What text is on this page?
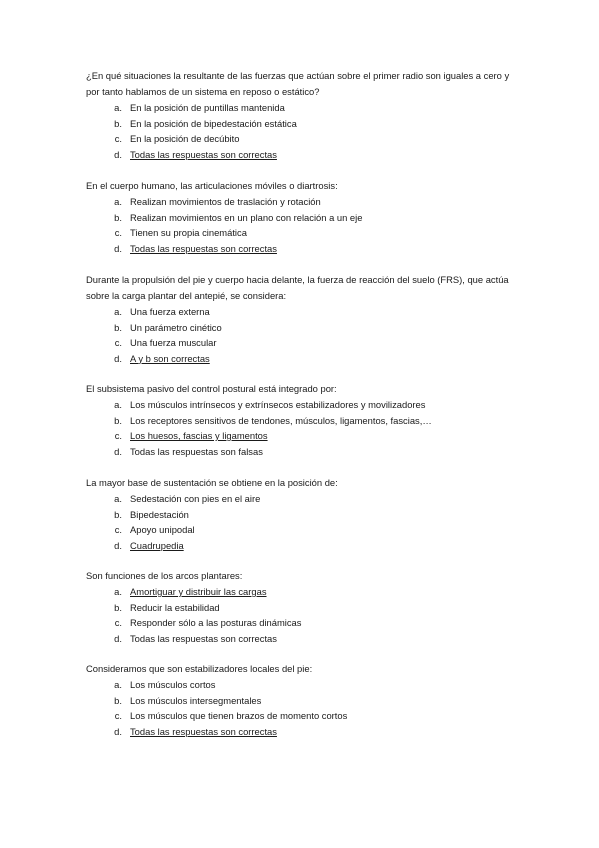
¿En qué situaciones la resultante de las fuerzas que actúan sobre el primer radio son iguales a cero y por tanto hablamos de un sistema en reposo o estático?

a. En la posición de puntillas mantenida
b. En la posición de bipedestación estática
c. En la posición de decúbito
d. Todas las respuestas son correctas

En el cuerpo humano, las articulaciones móviles o diartrosis:

a. Realizan movimientos de traslación y rotación
b. Realizan movimientos en un plano con relación a un eje
c. Tienen su propia cinemática
d. Todas las respuestas son correctas

Durante la propulsión del pie y cuerpo hacia delante, la fuerza de reacción del suelo (FRS), que actúa sobre la carga plantar del antepié, se considera:

a. Una fuerza externa
b. Un parámetro cinético
c. Una fuerza muscular
d. A y b son correctas

El subsistema pasivo del control postural está integrado por:

a. Los músculos intrínsecos y extrínsecos estabilizadores y movilizadores
b. Los receptores sensitivos de tendones, músculos, ligamentos, fascias,…
c. Los huesos, fascias y ligamentos
d. Todas las respuestas son falsas

La mayor base de sustentación se obtiene en la posición de:

a. Sedestación con pies en el aire
b. Bipedestación
c. Apoyo unipodal
d. Cuadrupedia

Son funciones de los arcos plantares:

a. Amortiguar y distribuir las cargas
b. Reducir la estabilidad
c. Responder sólo a las posturas dinámicas
d. Todas las respuestas son correctas

Consideramos que son estabilizadores locales del pie:

a. Los músculos cortos
b. Los músculos intersegmentales
c. Los músculos que tienen brazos de momento cortos
d. Todas las respuestas son correctas
